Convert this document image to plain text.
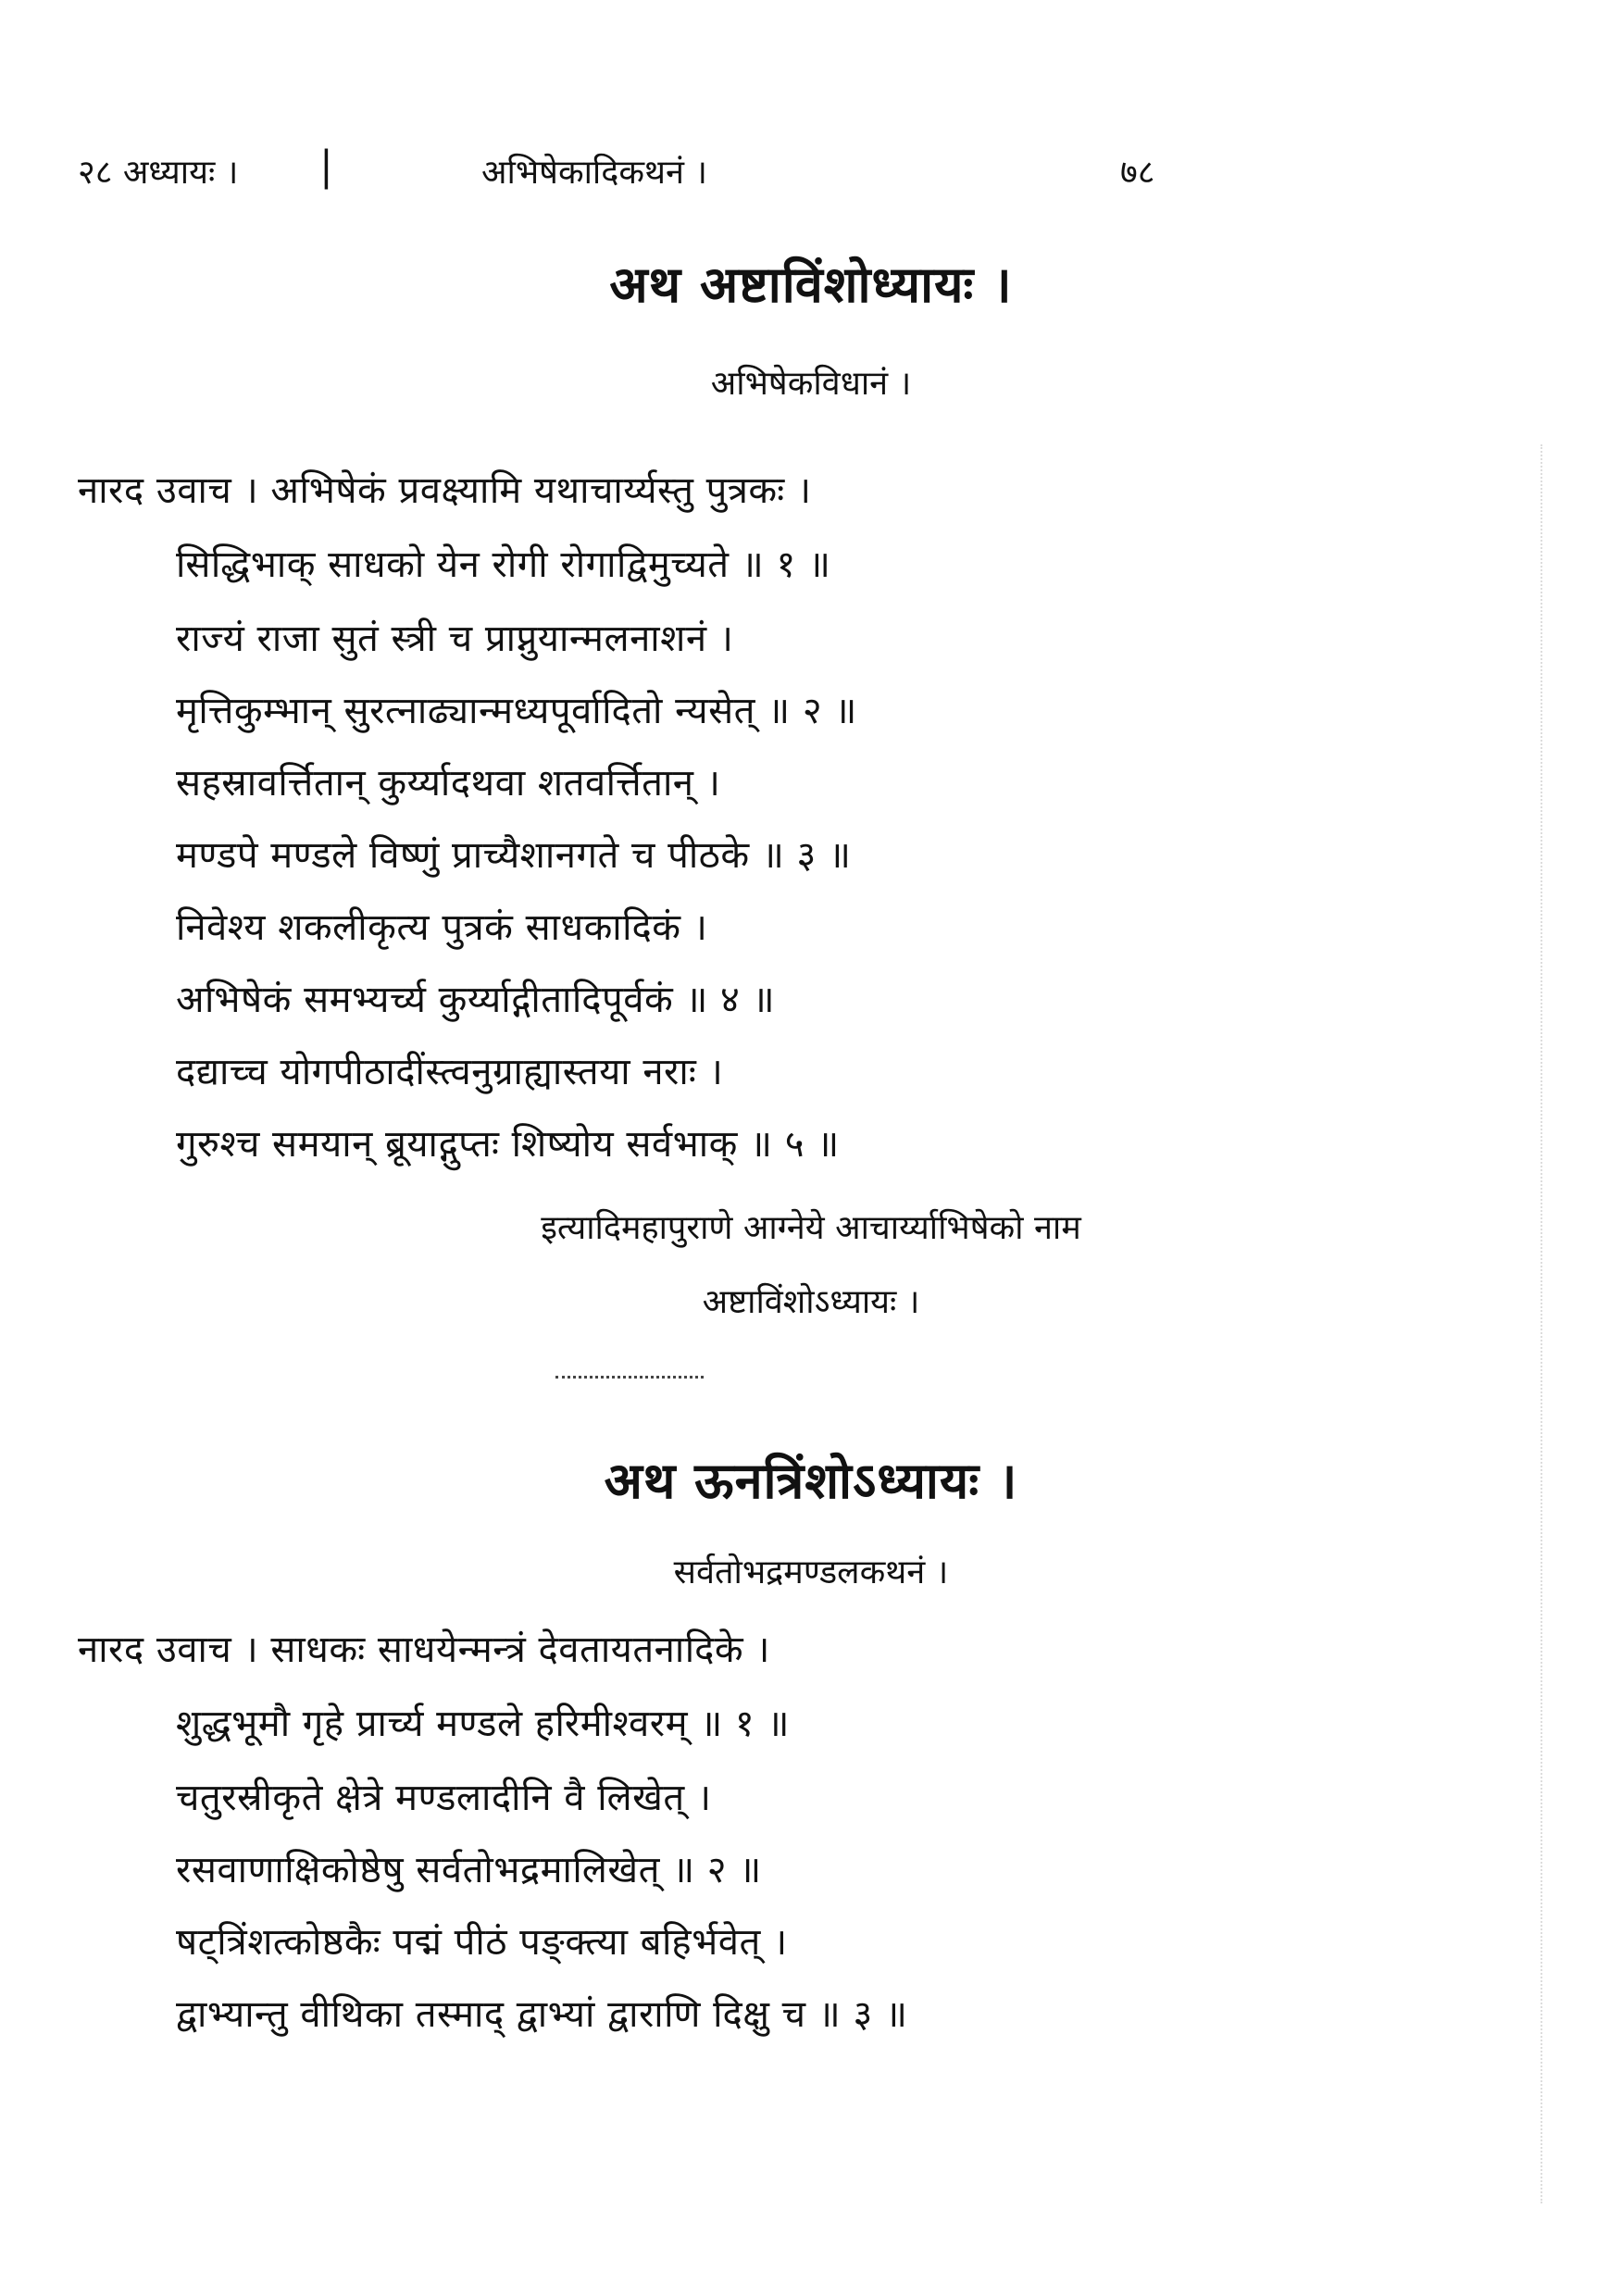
२८ अध्यायः । |	अभिषेकादिकथनं ।	७८
अथ अष्टाविंशोध्यायः ।
अभिषेकविधानं ।
नारद उवाच । अभिषेकं प्रवक्ष्यामि यथाचार्य्यस्तु पुत्रकः ।
सिद्धिभाक् साधको येन रोगी रोगाद्विमुच्यते ॥ १ ॥
राज्यं राजा सुतं स्त्री च प्राप्नुयान्मलनाशनं ।
मृत्तिकुम्भान् सुरत्नाढ्यान्मध्यपूर्वादितो न्यसेत् ॥ २ ॥
सहस्रावर्त्तितान् कुर्य्यादथवा शतवर्त्तितान् ।
मण्डपे मण्डले विष्णुं प्राच्यैशानगते च पीठके ॥ ३ ॥
निवेश्य शकलीकृत्य पुत्रकं साधकादिकं ।
अभिषेकं समभ्यर्च्य कुर्य्याद्गीतादिपूर्वकं ॥ ४ ॥
दद्याच्च योगपीठादींस्त्वनुग्राह्यास्तया नराः ।
गुरुश्च समयान् ब्रूयाद्गुप्तः शिष्योय सर्वभाक् ॥ ५ ॥
इत्यादिमहापुराणे आग्नेये आचार्य्याभिषेको नाम
अष्टाविंशोऽध्यायः ।
अथ ऊनत्रिंशोऽध्यायः ।
सर्वतोभद्रमण्डलकथनं ।
नारद उवाच । साधकः साधयेन्मन्त्रं देवतायतनादिके ।
शुद्धभूमौ गृहे प्रार्च्य मण्डले हरिमीश्वरम् ॥ १ ॥
चतुरस्रीकृते क्षेत्रे मण्डलादीनि वै लिखेत् ।
रसवाणाक्षिकोष्ठेषु सर्वतोभद्रमालिखेत् ॥ २ ॥
षट्त्रिंशत्कोष्ठकैः पद्मं पीठं पङ्क्त्या बहिर्भवेत् ।
द्वाभ्यान्तु वीथिका तस्माद् द्वाभ्यां द्वाराणि दिक्षु च ॥ ३ ॥
